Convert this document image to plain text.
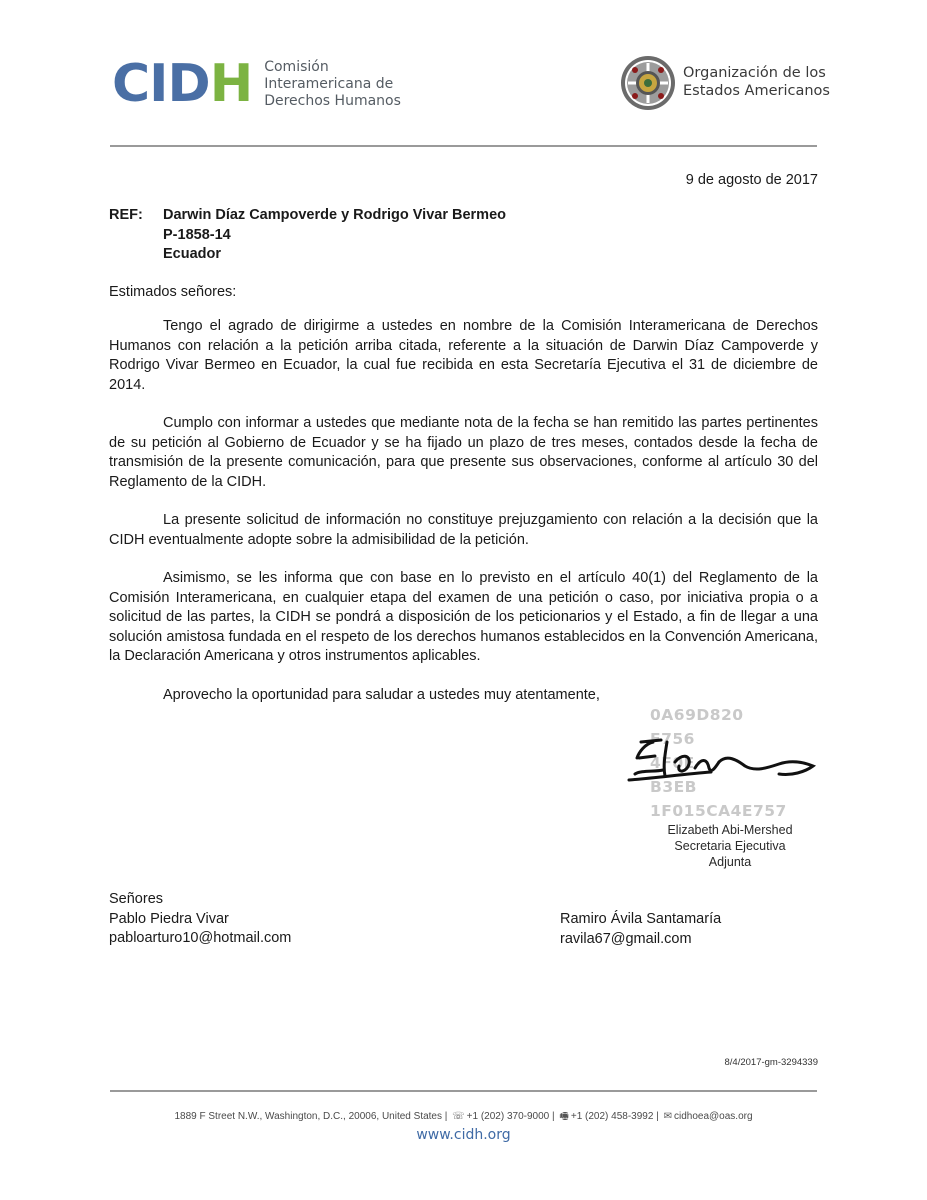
CIDH Comisión
Interamericana de
Derechos Humanos
Organización de los
Estados Americanos
9 de agosto de 2017
REF: Darwin Díaz Campoverde y Rodrigo Vivar Bermeo
P-1858-14
Ecuador
Estimados señores:
Tengo el agrado de dirigirme a ustedes en nombre de la Comisión Interamericana de Derechos Humanos con relación a la petición arriba citada, referente a la situación de Darwin Díaz Campoverde y Rodrigo Vivar Bermeo en Ecuador, la cual fue recibida en esta Secretaría Ejecutiva el 31 de diciembre de 2014.
Cumplo con informar a ustedes que mediante nota de la fecha se han remitido las partes pertinentes de su petición al Gobierno de Ecuador y se ha fijado un plazo de tres meses, contados desde la fecha de transmisión de la presente comunicación, para que presente sus observaciones, conforme al artículo 30 del Reglamento de la CIDH.
La presente solicitud de información no constituye prejuzgamiento con relación a la decisión que la CIDH eventualmente adopte sobre la admisibilidad de la petición.
Asimismo, se les informa que con base en lo previsto en el artículo 40(1) del Reglamento de la Comisión Interamericana, en cualquier etapa del examen de una petición o caso, por iniciativa propia o a solicitud de las partes, la CIDH se pondrá a disposición de los peticionarios y el Estado, a fin de llegar a una solución amistosa fundada en el respeto de los derechos humanos establecidos en la Convención Americana, la Declaración Americana y otros instrumentos aplicables.
Aprovecho la oportunidad para saludar a ustedes muy atentamente,
0A69D820
F756
4F0E
B3EB
1F015CA4E757
Elizabeth Abi-Mershed
Secretaria Ejecutiva
Adjunta
Señores
Pablo Piedra Vivar
pabloarturo10@hotmail.com
Ramiro Ávila Santamaría
ravila67@gmail.com
8/4/2017-gm-3294339
1889 F Street N.W., Washington, D.C., 20006, United States | ☏ +1 (202) 370-9000 | 🖷 +1 (202) 458-3992 | ✉ cidhoea@oas.org
www.cidh.org
